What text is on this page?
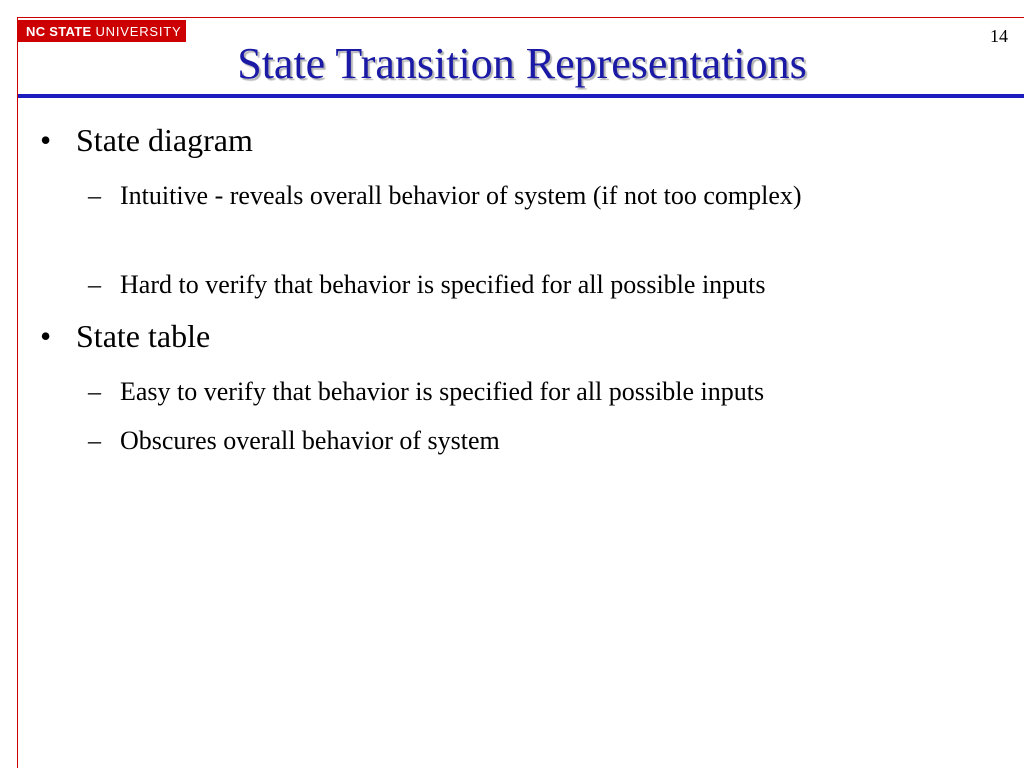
NC STATE UNIVERSITY	14
State Transition Representations
• State diagram
– Intuitive - reveals overall behavior of system (if not too complex)
– Hard to verify that behavior is specified for all possible inputs
• State table
– Easy to verify that behavior is specified for all possible inputs
– Obscures overall behavior of system
